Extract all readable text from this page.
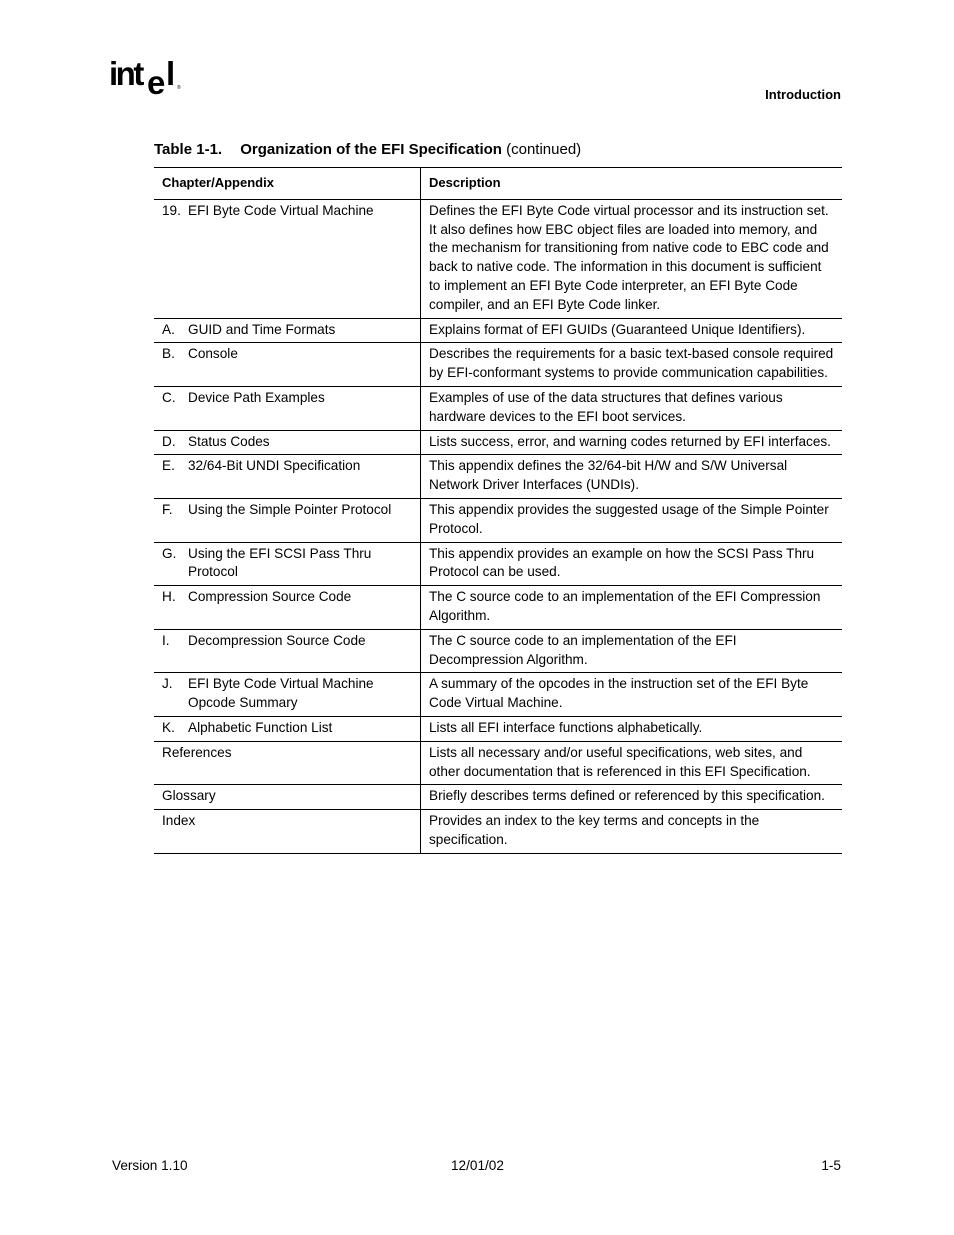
int e l ®	Introduction
Table 1-1. Organization of the EFI Specification (continued)
Chapter/Appendix	Description

19. EFI Byte Code Virtual Machine	Defines the EFI Byte Code virtual processor and its instruction set. It also defines how EBC object files are loaded into memory, and the mechanism for transitioning from native code to EBC code and back to native code. The information in this document is sufficient to implement an EFI Byte Code interpreter, an EFI Byte Code compiler, and an EFI Byte Code linker.

A. GUID and Time Formats	Explains format of EFI GUIDs (Guaranteed Unique Identifiers).

B. Console	Describes the requirements for a basic text-based console required by EFI-conformant systems to provide communication capabilities.

C. Device Path Examples	Examples of use of the data structures that defines various hardware devices to the EFI boot services.

D. Status Codes	Lists success, error, and warning codes returned by EFI interfaces.

E. 32/64-Bit UNDI Specification	This appendix defines the 32/64-bit H/W and S/W Universal Network Driver Interfaces (UNDIs).

F. Using the Simple Pointer Protocol	This appendix provides the suggested usage of the Simple Pointer Protocol.

G. Using the EFI SCSI Pass Thru Protocol	This appendix provides an example on how the SCSI Pass Thru Protocol can be used.

H. Compression Source Code	The C source code to an implementation of the EFI Compression Algorithm.

I. Decompression Source Code	The C source code to an implementation of the EFI Decompression Algorithm.

J. EFI Byte Code Virtual Machine Opcode Summary	A summary of the opcodes in the instruction set of the EFI Byte Code Virtual Machine.

K. Alphabetic Function List	Lists all EFI interface functions alphabetically.
References	Lists all necessary and/or useful specifications, web sites, and other documentation that is referenced in this EFI Specification.
Glossary	Briefly describes terms defined or referenced by this specification.
Index	Provides an index to the key terms and concepts in the specification.
Version 1.10	12/01/02	1-5
